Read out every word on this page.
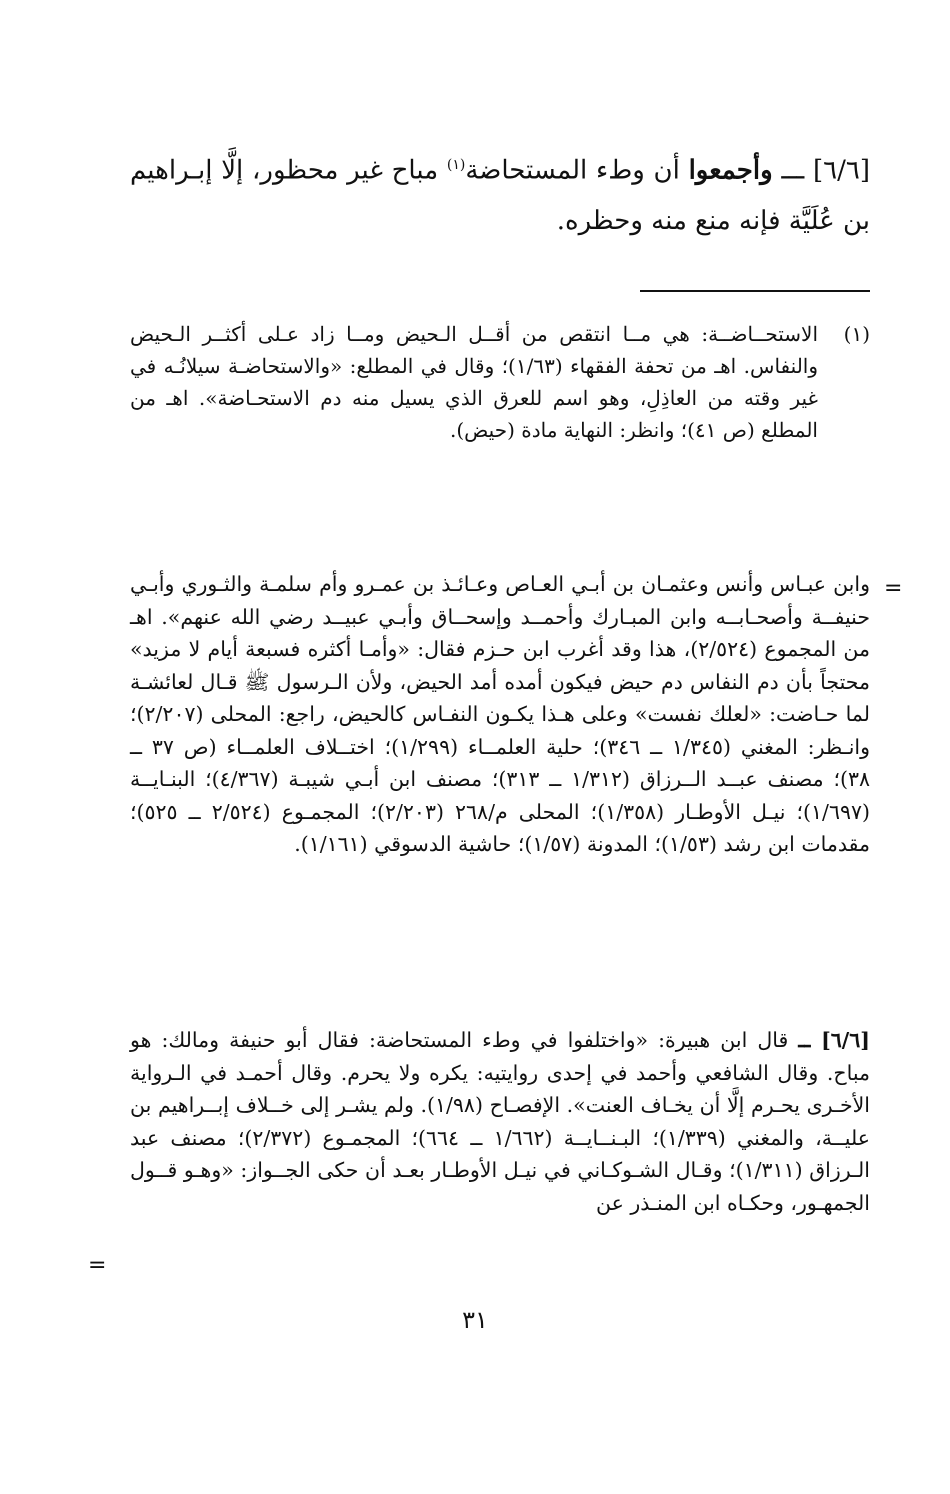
[٦/٦] ـــ وأجمعوا أن وطء المستحاضة$^{(١)}$ مباح غير محظور، إلَّا إبـراهيم بن عُلَيَّة فإنه منع منه وحظره.

(١)
الاستحــاضــة: هي مــا انتقص من أقــل الـحيض ومــا زاد عـلى أكثــر الـحيض والنفاس. اهـ من تحفة الفقهاء (١/٦٣)؛ وقال في المطلع: «والاستحاضـة سيلانُـه في غير وقته من العاذِلِ، وهو اسم للعرق الذي يسيل منه دم الاستحـاضة». اهـ من المطلع (ص ٤١)؛ وانظر: النهاية مادة (حيض).
=

وابن عبـاس وأنس وعثمـان بن أبـي العـاص وعـائـذ بن عمـرو وأم سلمـة والثـوري وأبـي حنيفــة وأصحـابــه وابن المبـارك وأحمــد وإسحــاق وأبـي عبيــد رضي الله عنهم». اهـ من المجموع (٢/٥٢٤)، هذا وقد أغرب ابن حـزم فقال: «وأمـا أكثره فسبعة أيام لا مزيد» محتجاً بأن دم النفاس دم حيض فيكون أمده أمد الحيض، ولأن الـرسول ﷺ قـال لعائشـة لما حـاضت: «لعلك نفست» وعلى هـذا يكـون النفـاس كالحيض، راجع: المحلى (٢/٢٠٧)؛ وانـظر: المغني (١/٣٤٥ ــ ٣٤٦)؛ حلية العلمــاء (١/٢٩٩)؛ اختــلاف العلمــاء (ص ٣٧ ــ ٣٨)؛ مصنف عبــد الــرزاق (١/٣١٢ ــ ٣١٣)؛ مصنف ابن أبـي شيبـة (٤/٣٦٧)؛ البنـايــة (١/٦٩٧)؛ نيـل الأوطـار (١/٣٥٨)؛ المحلى م/٢٦٨ (٢/٢٠٣)؛ المجمـوع (٢/٥٢٤ ــ ٥٢٥)؛ مقدمات ابن رشد (١/٥٣)؛ المدونة (١/٥٧)؛ حاشية الدسوقي (١/١٦١).

[٦/٦] ــ قال ابن هبيرة: «واختلفوا في وطء المستحاضة: فقال أبو حنيفة ومالك: هو مباح. وقال الشافعي وأحمد في إحدى روايتيه: يكره ولا يحرم. وقال أحمـد في الـرواية الأخـرى يحـرم إلَّا أن يخـاف العنت». الإفصـاح (١/٩٨). ولم يشـر إلى خــلاف إبــراهيم بن عليــة، والمغني (١/٣٣٩)؛ البـنــايــة (١/٦٦٢ ــ ٦٦٤)؛ المجمـوع (٢/٣٧٢)؛ مصنف عبد الـرزاق (١/٣١١)؛ وقـال الشـوكـاني في نيـل الأوطـار بعـد أن حكى الجــواز: «وهـو قــول الجمهـور، وحكـاه ابن المنـذر عن

=
٣١
